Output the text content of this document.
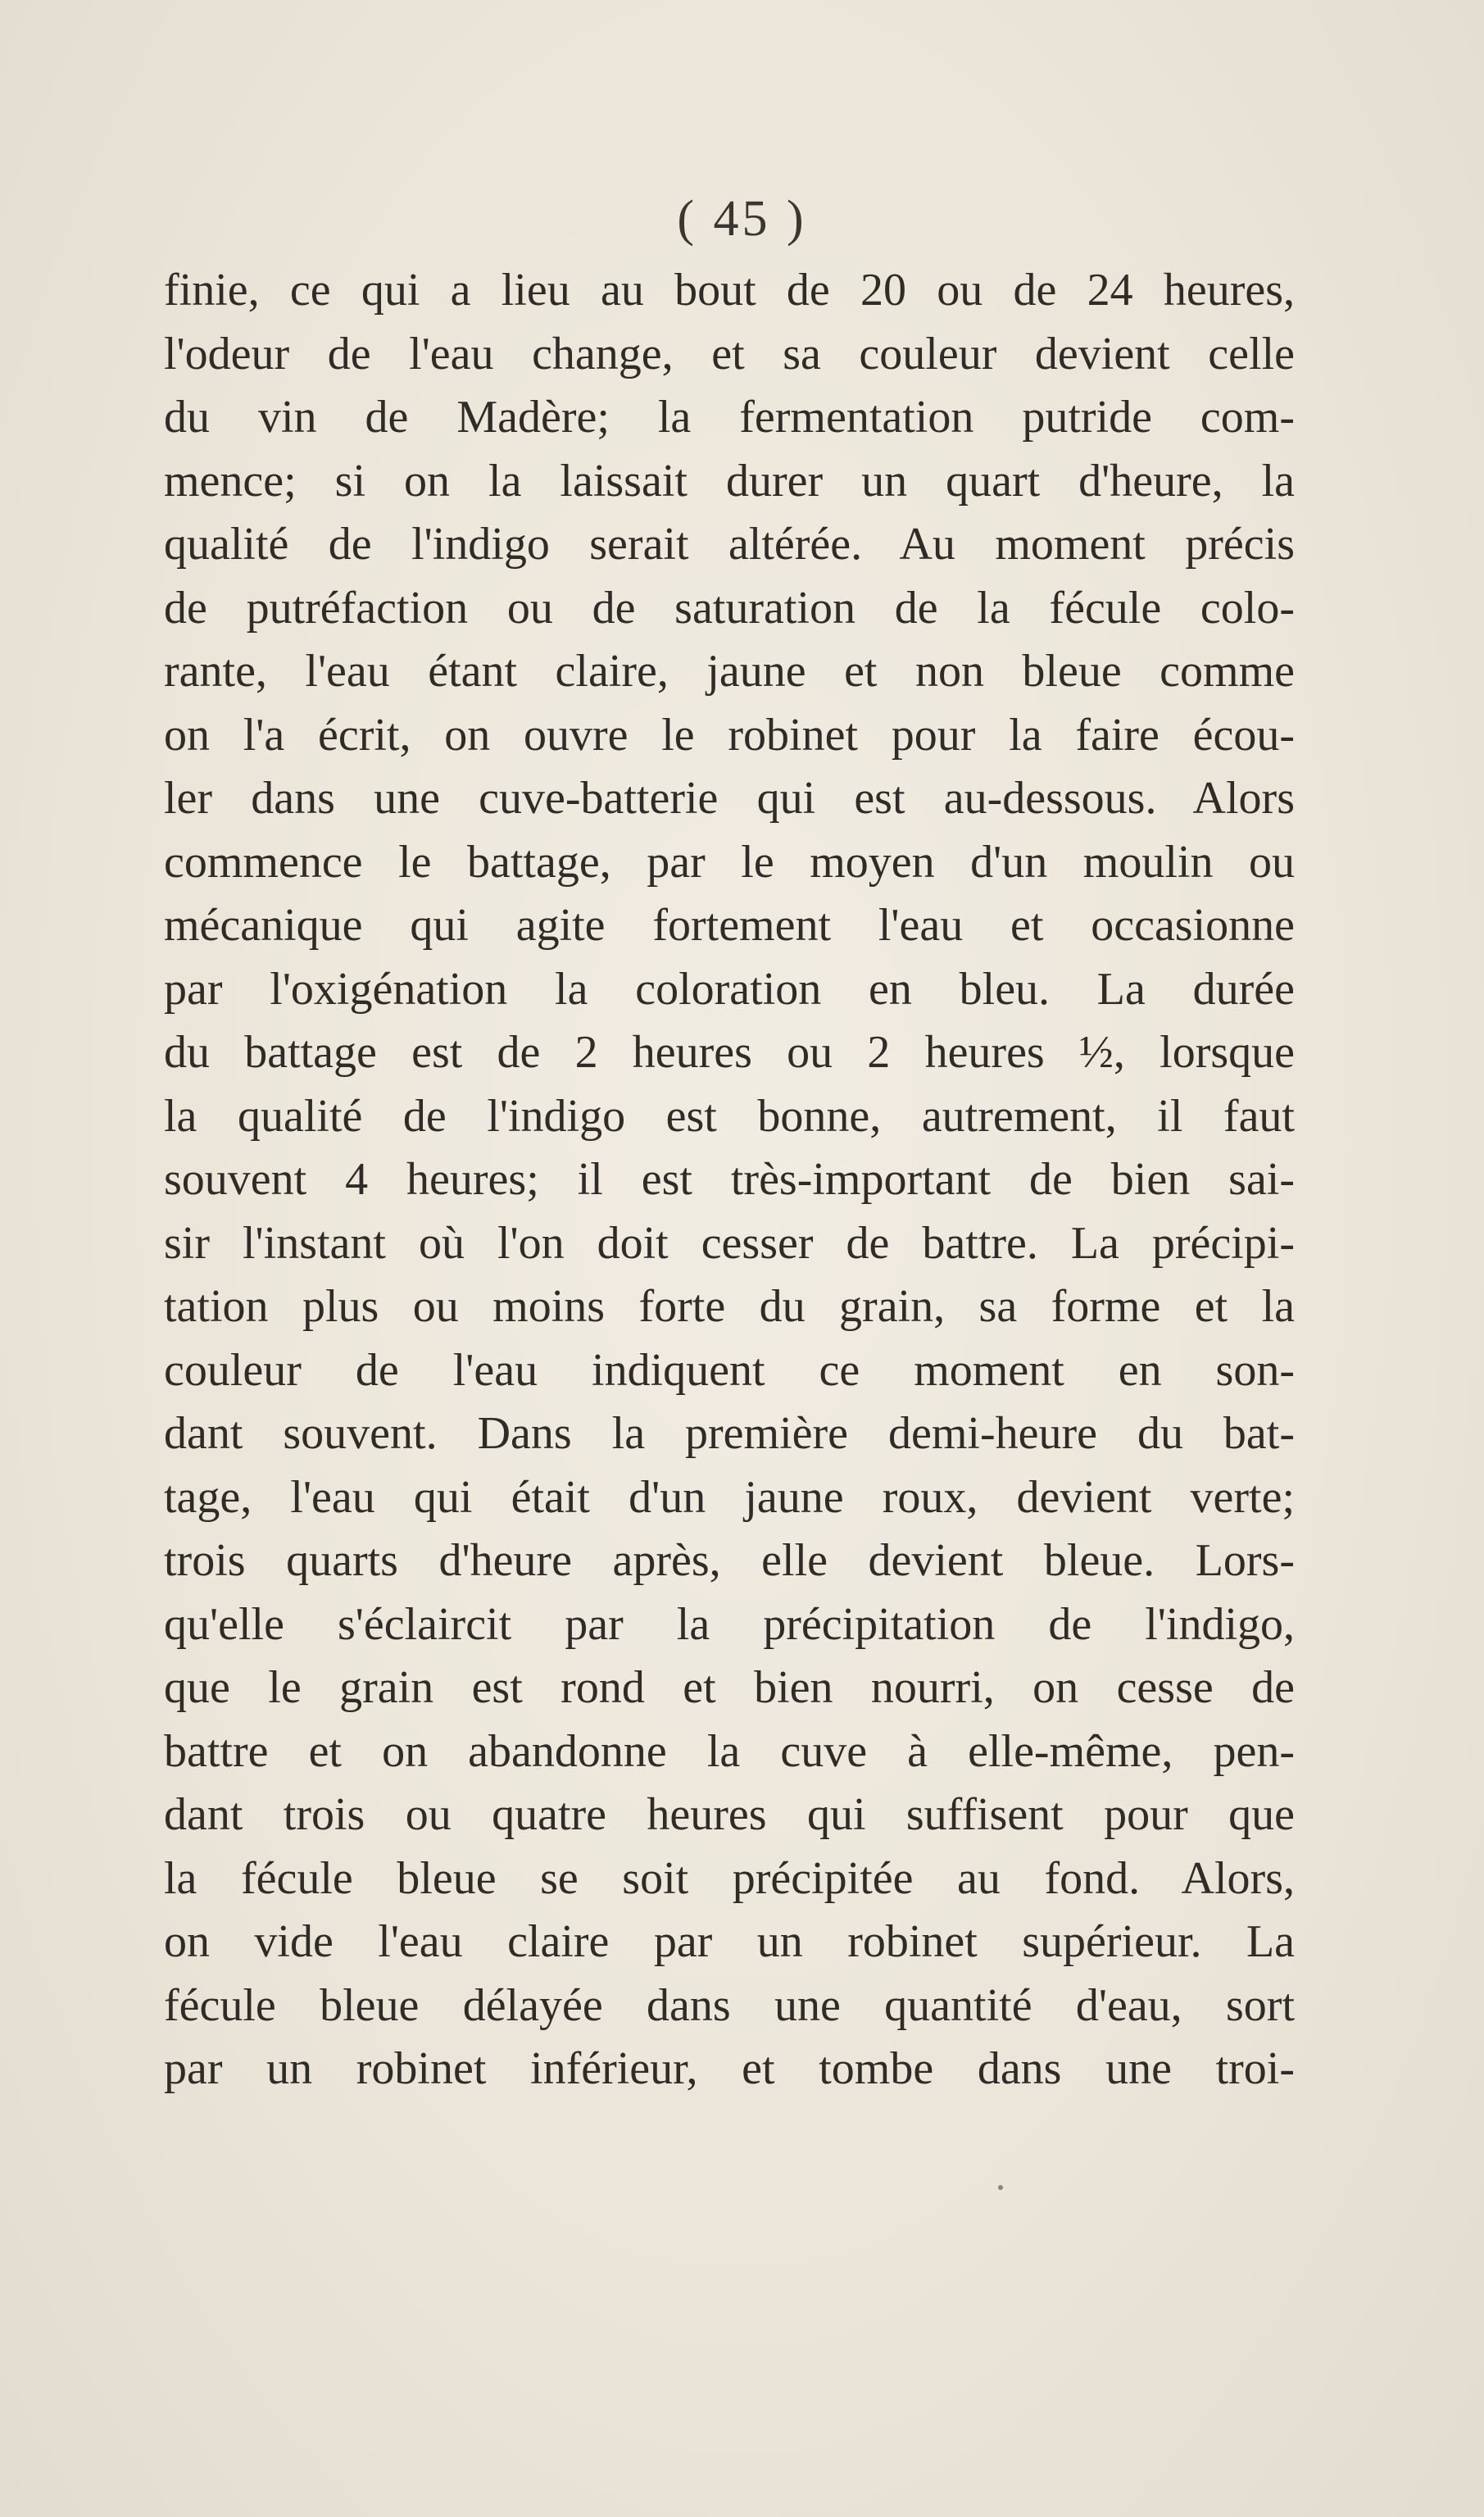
( 45 )
finie, ce qui a lieu au bout de 20 ou de 24 heures,
l'odeur de l'eau change, et sa couleur devient celle
du vin de Madère; la fermentation putride com-
mence; si on la laissait durer un quart d'heure, la
qualité de l'indigo serait altérée. Au moment précis
de putréfaction ou de saturation de la fécule colo-
rante, l'eau étant claire, jaune et non bleue comme
on l'a écrit, on ouvre le robinet pour la faire écou-
ler dans une cuve-batterie qui est au-dessous. Alors
commence le battage, par le moyen d'un moulin ou
mécanique qui agite fortement l'eau et occasionne
par l'oxigénation la coloration en bleu. La durée
du battage est de 2 heures ou 2 heures ½, lorsque
la qualité de l'indigo est bonne, autrement, il faut
souvent 4 heures; il est très-important de bien sai-
sir l'instant où l'on doit cesser de battre. La précipi-
tation plus ou moins forte du grain, sa forme et la
couleur de l'eau indiquent ce moment en son-
dant souvent. Dans la première demi-heure du bat-
tage, l'eau qui était d'un jaune roux, devient verte;
trois quarts d'heure après, elle devient bleue. Lors-
qu'elle s'éclaircit par la précipitation de l'indigo,
que le grain est rond et bien nourri, on cesse de
battre et on abandonne la cuve à elle-même, pen-
dant trois ou quatre heures qui suffisent pour que
la fécule bleue se soit précipitée au fond. Alors,
on vide l'eau claire par un robinet supérieur. La
fécule bleue délayée dans une quantité d'eau, sort
par un robinet inférieur, et tombe dans une troi-
